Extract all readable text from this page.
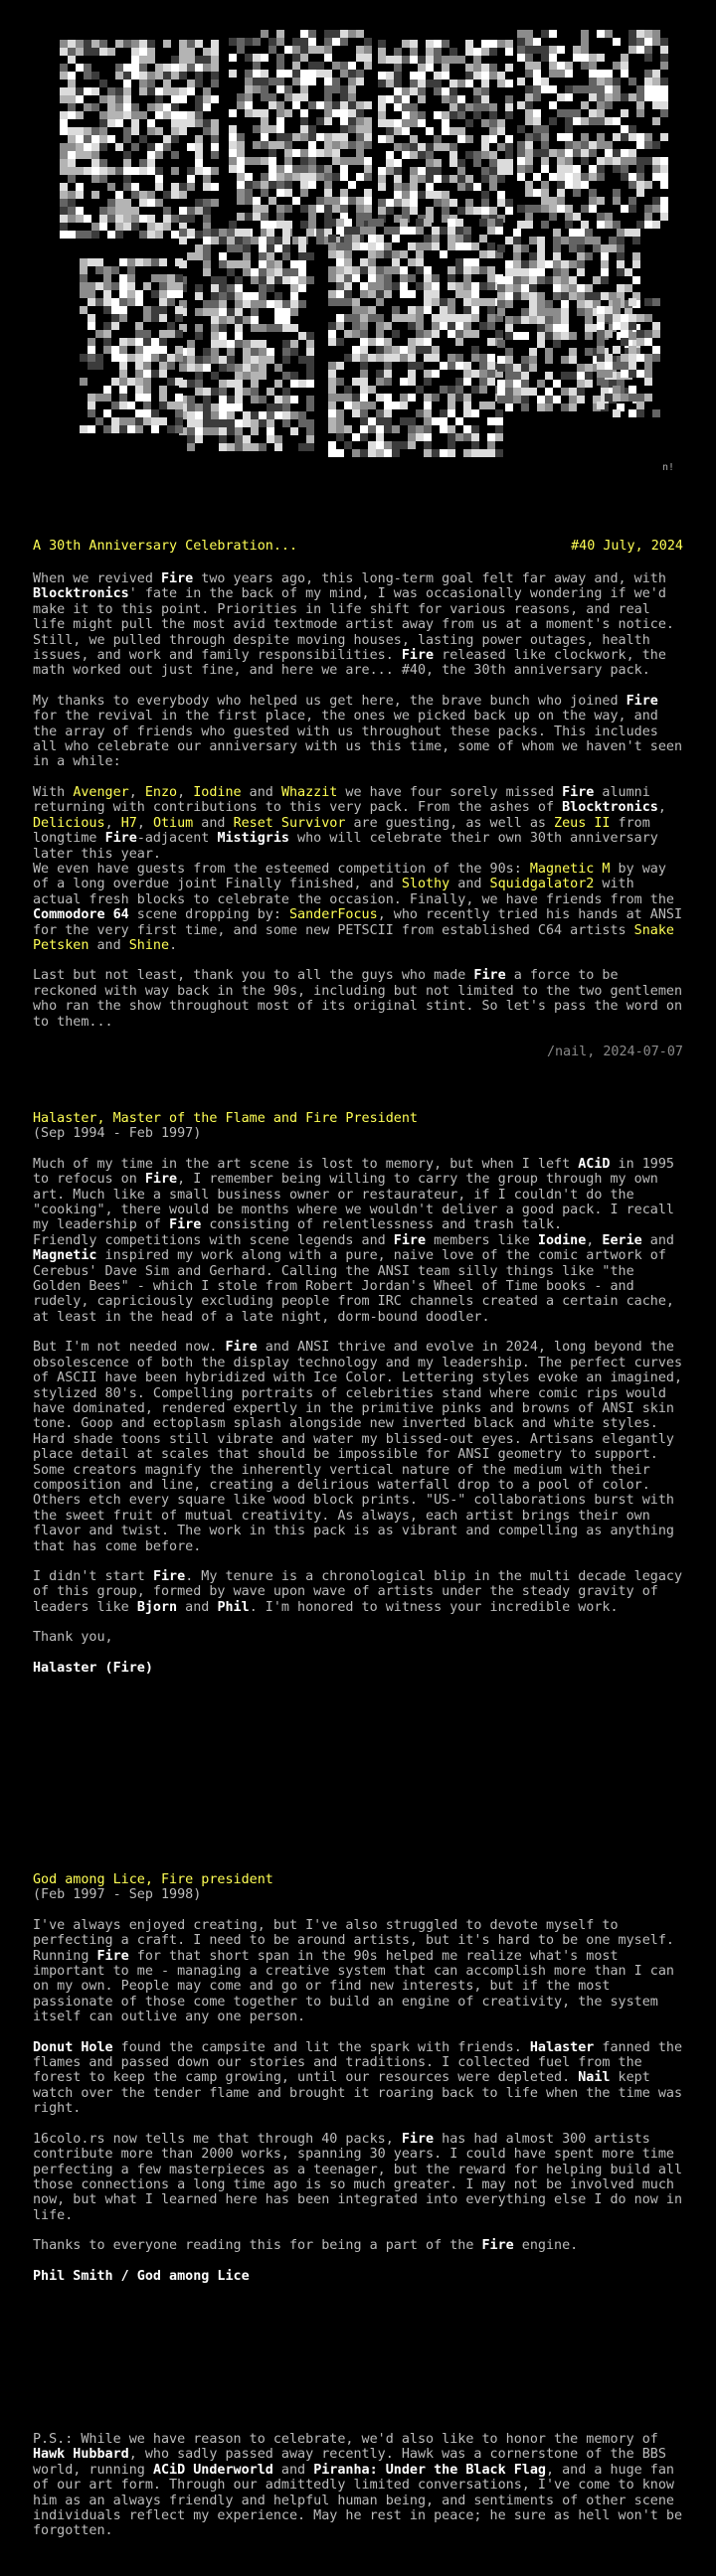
n!
A 30th Anniversary Celebration...	#40 July, 2024

When we revived Fire two years ago, this long-term goal felt far away and, with Blocktronics' fate in the back of my mind, I was occasionally wondering if we'd make it to this point. Priorities in life shift for various reasons, and real life might pull the most avid textmode artist away from us at a moment's notice. Still, we pulled through despite moving houses, lasting power outages, health issues, and work and family responsibilities. Fire released like clockwork, the math worked out just fine, and here we are... #40, the 30th anniversary pack.

My thanks to everybody who helped us get here, the brave bunch who joined Fire for the revival in the first place, the ones we picked back up on the way, and the array of friends who guested with us throughout these packs. This includes all who celebrate our anniversary with us this time, some of whom we haven't seen in a while:

With Avenger, Enzo, Iodine and Whazzit we have four sorely missed Fire alumni returning with contributions to this very pack. From the ashes of Blocktronics, Delicious, H7, Otium and Reset Survivor are guesting, as well as Zeus II from longtime Fire-adjacent Mistigris who will celebrate their own 30th anniversary later this year.
We even have guests from the esteemed competition of the 90s: Magnetic M by way of a long overdue joint Finally finished, and Slothy and Squidgalator2 with actual fresh blocks to celebrate the occasion. Finally, we have friends from the Commodore 64 scene dropping by: SanderFocus, who recently tried his hands at ANSI for the very first time, and some new PETSCII from established C64 artists Snake Petsken and Shine.

Last but not least, thank you to all the guys who made Fire a force to be reckoned with way back in the 90s, including but not limited to the two gentlemen who ran the show throughout most of its original stint. So let's pass the word on to them...

/nail, 2024-07-07
Halaster, Master of the Flame and Fire President

(Sep 1994 - Feb 1997)

Much of my time in the art scene is lost to memory, but when I left ACiD in 1995 to refocus on Fire, I remember being willing to carry the group through my own art. Much like a small business owner or restaurateur, if I couldn't do the "cooking", there would be months where we wouldn't deliver a good pack. I recall my leadership of Fire consisting of relentlessness and trash talk.
Friendly competitions with scene legends and Fire members like Iodine, Eerie and Magnetic inspired my work along with a pure, naive love of the comic artwork of Cerebus' Dave Sim and Gerhard. Calling the ANSI team silly things like "the Golden Bees" - which I stole from Robert Jordan's Wheel of Time books - and rudely, capriciously excluding people from IRC channels created a certain cache, at least in the head of a late night, dorm-bound doodler.

But I'm not needed now. Fire and ANSI thrive and evolve in 2024, long beyond the obsolescence of both the display technology and my leadership. The perfect curves of ASCII have been hybridized with Ice Color. Lettering styles evoke an imagined, stylized 80's. Compelling portraits of celebrities stand where comic rips would have dominated, rendered expertly in the primitive pinks and browns of ANSI skin tone. Goop and ectoplasm splash alongside new inverted black and white styles. Hard shade toons still vibrate and water my blissed-out eyes. Artisans elegantly place detail at scales that should be impossible for ANSI geometry to support. Some creators magnify the inherently vertical nature of the medium with their composition and line, creating a delirious waterfall drop to a pool of color. Others etch every square like wood block prints. "US-" collaborations burst with the sweet fruit of mutual creativity. As always, each artist brings their own flavor and twist. The work in this pack is as vibrant and compelling as anything that has come before.

I didn't start Fire. My tenure is a chronological blip in the multi decade legacy of this group, formed by wave upon wave of artists under the steady gravity of leaders like Bjorn and Phil. I'm honored to witness your incredible work.

Thank you,

Halaster (Fire)

God among Lice, Fire president

(Feb 1997 - Sep 1998)

I've always enjoyed creating, but I've also struggled to devote myself to perfecting a craft. I need to be around artists, but it's hard to be one myself. Running Fire for that short span in the 90s helped me realize what's most important to me - managing a creative system that can accomplish more than I can on my own. People may come and go or find new interests, but if the most passionate of those come together to build an engine of creativity, the system itself can outlive any one person.

Donut Hole found the campsite and lit the spark with friends. Halaster fanned the flames and passed down our stories and traditions. I collected fuel from the forest to keep the camp growing, until our resources were depleted. Nail kept watch over the tender flame and brought it roaring back to life when the time was right.

16colo.rs now tells me that through 40 packs, Fire has had almost 300 artists contribute more than 2000 works, spanning 30 years. I could have spent more time perfecting a few masterpieces as a teenager, but the reward for helping build all those connections a long time ago is so much greater. I may not be involved much now, but what I learned here has been integrated into everything else I do now in life.

Thanks to everyone reading this for being a part of the Fire engine.

Phil Smith / God among Lice

P.S.: While we have reason to celebrate, we'd also like to honor the memory of Hawk Hubbard, who sadly passed away recently. Hawk was a cornerstone of the BBS world, running ACiD Underworld and Piranha: Under the Black Flag, and a huge fan of our art form. Through our admittedly limited conversations, I've come to know him as an always friendly and helpful human being, and sentiments of other scene individuals reflect my experience. May he rest in peace; he sure as hell won't be forgotten.
